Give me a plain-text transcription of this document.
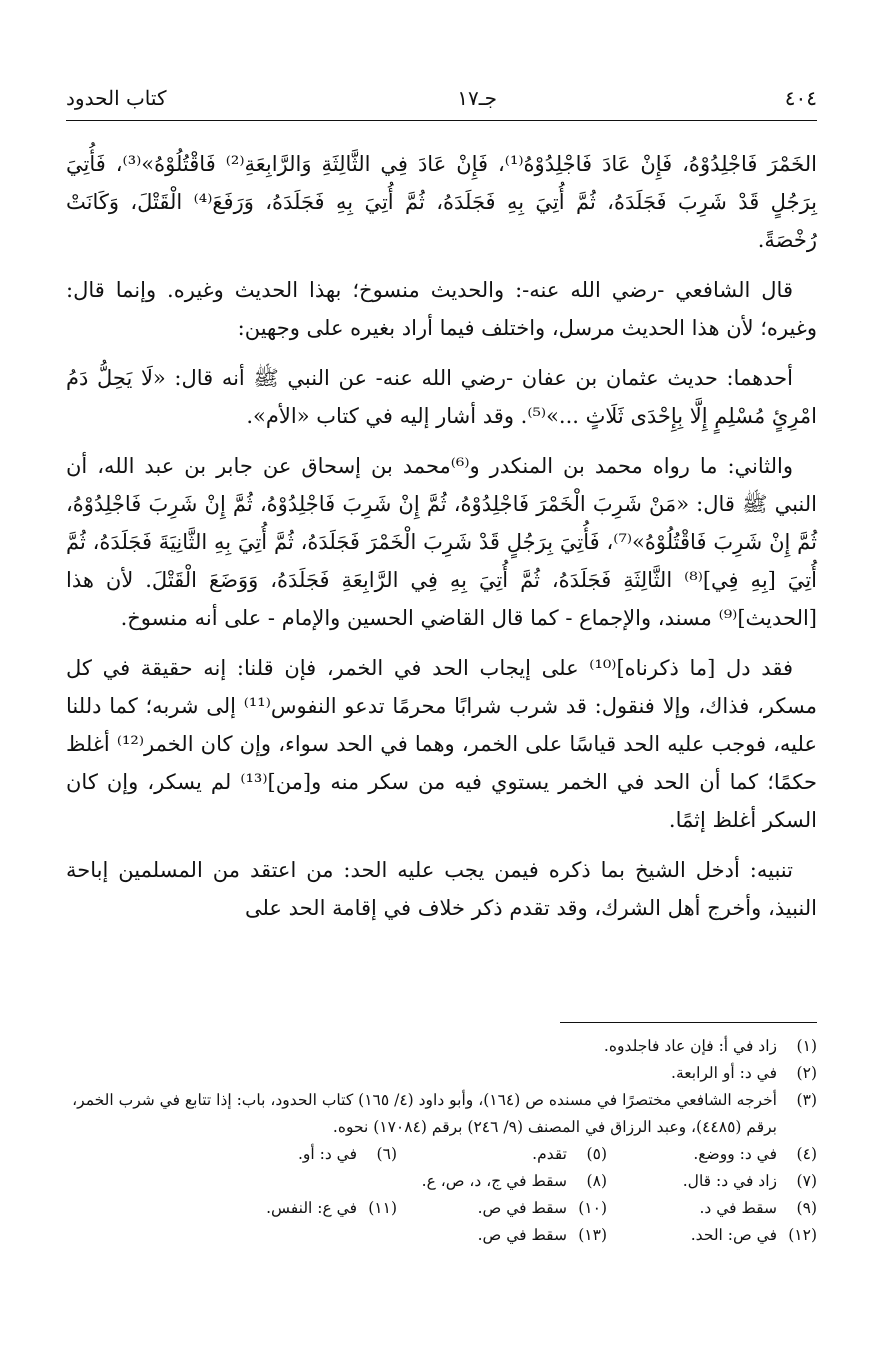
٤٠٤
جـ١٧
كتاب الحدود

الخَمْرَ فَاجْلِدُوْهُ، فَإِنْ عَادَ فَاجْلِدُوْهُ⁽¹⁾، فَإِنْ عَادَ فِي الثَّالِثَةِ وَالرَّابِعَةِ⁽²⁾ فَاقْتُلُوْهُ»⁽³⁾، فَأُتِيَ بِرَجُلٍ قَدْ شَرِبَ فَجَلَدَهُ، ثُمَّ أُتِيَ بِهِ فَجَلَدَهُ، ثُمَّ أُتِيَ بِهِ فَجَلَدَهُ، وَرَفَعَ⁽⁴⁾ الْقَتْلَ، وَكَانَتْ رُخْصَةً.

قال الشافعي -رضي الله عنه-: والحديث منسوخ؛ بهذا الحديث وغيره. وإنما قال: وغيره؛ لأن هذا الحديث مرسل، واختلف فيما أراد بغيره على وجهين:

أحدهما: حديث عثمان بن عفان -رضي الله عنه- عن النبي ﷺ أنه قال: «لَا يَحِلُّ دَمُ امْرِئٍ مُسْلِمٍ إِلَّا بِإِحْدَى ثَلَاثٍ ...»⁽⁵⁾. وقد أشار إليه في كتاب «الأم».

والثاني: ما رواه محمد بن المنكدر و⁽⁶⁾محمد بن إسحاق عن جابر بن عبد الله، أن النبي ﷺ قال: «مَنْ شَرِبَ الْخَمْرَ فَاجْلِدُوْهُ، ثُمَّ إِنْ شَرِبَ فَاجْلِدُوْهُ، ثُمَّ إِنْ شَرِبَ فَاجْلِدُوْهُ، ثُمَّ إِنْ شَرِبَ فَاقْتُلُوْهُ»⁽⁷⁾، فَأُتِيَ بِرَجُلٍ قَدْ شَرِبَ الْخَمْرَ فَجَلَدَهُ، ثُمَّ أُتِيَ بِهِ الثَّانِيَةَ فَجَلَدَهُ، ثُمَّ أُتِيَ [بِهِ فِي]⁽⁸⁾ الثَّالِثَةِ فَجَلَدَهُ، ثُمَّ أُتِيَ بِهِ فِي الرَّابِعَةِ فَجَلَدَهُ، وَوَضَعَ الْقَتْلَ. لأن هذا [الحديث]⁽⁹⁾ مسند، والإجماع - كما قال القاضي الحسين والإمام - على أنه منسوخ.

فقد دل [ما ذكرناه]⁽¹⁰⁾ على إيجاب الحد في الخمر، فإن قلنا: إنه حقيقة في كل مسكر، فذاك، وإلا فنقول: قد شرب شرابًا محرمًا تدعو النفوس⁽¹¹⁾ إلى شربه؛ كما دللنا عليه، فوجب عليه الحد قياسًا على الخمر، وهما في الحد سواء، وإن كان الخمر⁽¹²⁾ أغلظ حكمًا؛ كما أن الحد في الخمر يستوي فيه من سكر منه و[من]⁽¹³⁾ لم يسكر، وإن كان السكر أغلظ إثمًا.

تنبيه: أدخل الشيخ بما ذكره فيمن يجب عليه الحد: من اعتقد من المسلمين إباحة النبيذ، وأخرج أهل الشرك، وقد تقدم ذكر خلاف في إقامة الحد على

(١)
زاد في أ: فإن عاد فاجلدوه.
(٢)
في د: أو الرابعة.
(٣)
أخرجه الشافعي مختصرًا في مسنده ص (١٦٤)، وأبو داود (٤/ ١٦٥) كتاب الحدود، باب: إذا تتابع في شرب الخمر، برقم (٤٤٨٥)، وعبد الرزاق في المصنف (٩/ ٢٤٦) برقم (١٧٠٨٤) نحوه.
(٤)
في د: ووضع.
(٥)
تقدم.
(٦)
في د: أو.
(٧)
زاد في د: قال.
(٨)
سقط في ج، د، ص، ع.
(٩)
سقط في د.
(١٠)
سقط في ص.
(١١)
في ع: النفس.
(١٢)
في ص: الحد.
(١٣)
سقط في ص.
